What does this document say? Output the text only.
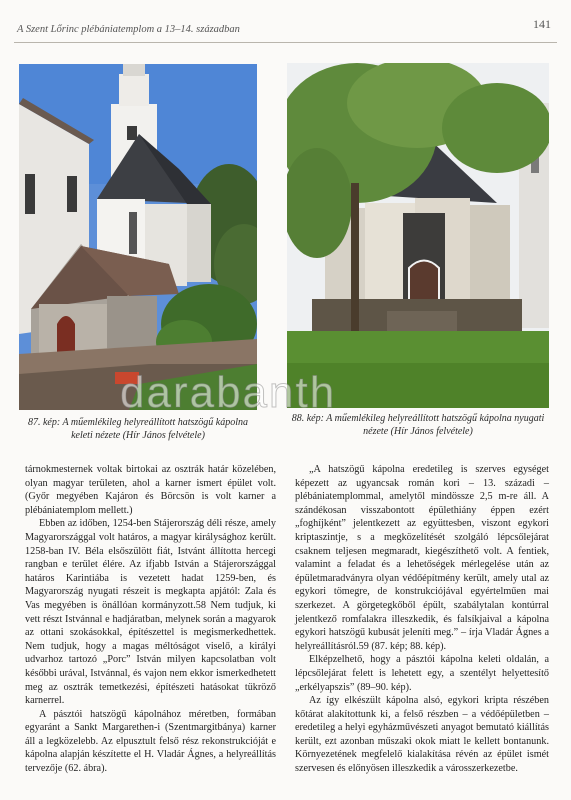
A Szent Lőrinc plébániatemplom a 13–14. században	141
darabanth
87. kép: A műemlékileg helyreállított hatszögű kápolna keleti nézete (Hír János felvétele)
88. kép: A műemlékileg helyreállított hatszögű kápolna nyugati nézete (Hír János felvétele)

tárnokmesternek voltak birtokai az osztrák határ közelében, olyan magyar területen, ahol a karner ismert épület volt. (Győr megyében Kajáron és Börcsön is volt karner a plébániatemplom mellett.)

Ebben az időben, 1254-ben Stájerország déli része, amely Magyarországgal volt határos, a magyar királysághoz került. 1258-ban IV. Béla elsőszülött fiát, Istvánt állította hercegi rangban e terület élére. Az ifjabb István a Stájerországgal határos Karintiába is vezetett hadat 1259-ben, és Magyarország nyugati részeit is megkapta apjától: Zala és Vas megyében is önállóan kormányzott.58 Nem tudjuk, ki vett részt Istvánnal e hadjáratban, melynek során a magyarok az ottani szokásokkal, építészettel is megismerkedhettek. Nem tudjuk, hogy a magas méltóságot viselő, a királyi udvarhoz tartozó „Porc” István milyen kapcsolatban volt későbbi urával, Istvánnal, és vajon nem ekkor ismerkedhetett meg az osztrák temetkezési, építészeti hatásokat tükröző karnerrel.

A pásztói hatszögű kápolnához méretben, formában egyaránt a Sankt Margarethen-i (Szentmargitbánya) karner áll a legközelebb. Az elpusztult felső rész rekonstrukcióját e kápolna alapján készítette el H. Vladár Ágnes, a helyreállítás tervezője (62. ábra).

„A hatszögű kápolna eredetileg is szerves egységet képezett az ugyancsak román kori – 13. századi – plébániatemplommal, amelytől mindössze 2,5 m-re áll. A szándékosan visszabontott épülethiány éppen ezért „foghíjként” jelentkezett az együttesben, viszont egykori kriptaszintje, s a megközelítését szolgáló lépcsőlejárat csaknem teljesen megmaradt, kiegészíthető volt. A fentiek, valamint a feladat és a lehetőségek mérlegelése után az épületmaradványra olyan védőépítmény került, amely utal az egykori tömegre, de konstrukciójával egyértelműen mai szerkezet. A görgetegkőből épült, szabálytalan kontúrral jelentkező romfalakra illeszkedik, és falsíkjaival a kápolna egykori hatszögű kubusát jeleníti meg.” – írja Vladár Ágnes a helyreállításról.59 (87. kép; 88. kép).

Elképzelhető, hogy a pásztói kápolna keleti oldalán, a lépcsőlejárat felett is lehetett egy, a szentélyt helyettesítő „erkélyapszis” (89–90. kép).

Az így elkészült kápolna alsó, egykori kripta részében kőtárat alakítottunk ki, a felső részben – a védőépületben – eredetileg a helyi egyházművészeti anyagot bemutató kiállítás került, ezt azonban műszaki okok miatt le kellett bontanunk. Környezetének megfelelő kialakítása révén az épület ismét szervesen és előnyösen illeszkedik a városszerkezetbe.
